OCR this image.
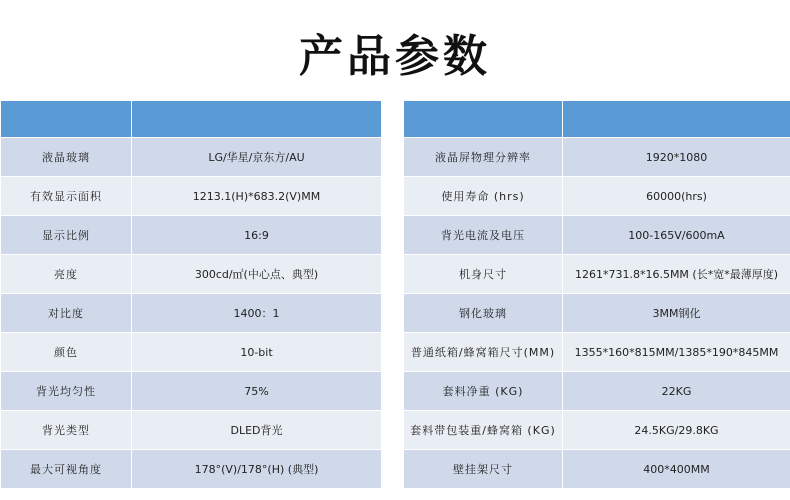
产品参数

液晶玻璃	LG/华星/京东方/AU
有效显示面积	1213.1(H)*683.2(V)MM
显示比例	16:9
亮度	300cd/㎡(中心点、典型)
对比度	1400：1
颜色	10-bit
背光均匀性	75%
背光类型	DLED背光
最大可视角度	178°(V)/178°(H) (典型)

液晶屏物理分辨率	1920*1080
使用寿命 (hrs)	60000(hrs)
背光电流及电压	100-165V/600mA
机身尺寸	1261*731.8*16.5MM (长*宽*最薄厚度)
钢化玻璃	3MM钢化
普通纸箱/蜂窝箱尺寸(MM)	1355*160*815MM/1385*190*845MM
套料净重 (KG)	22KG
套料带包装重/蜂窝箱 (KG)	24.5KG/29.8KG
壁挂架尺寸	400*400MM
